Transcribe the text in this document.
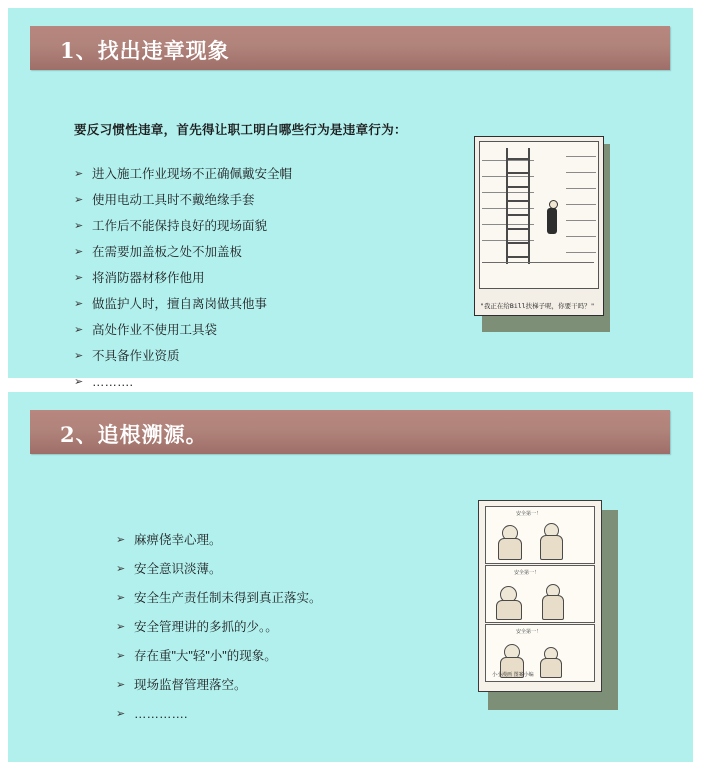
1、找出违章现象
要反习惯性违章，首先得让职工明白哪些行为是违章行为：
➢ 进入施工作业现场不正确佩戴安全帽
➢ 使用电动工具时不戴绝缘手套
➢ 工作后不能保持良好的现场面貌
➢ 在需要加盖板之处不加盖板
➢ 将消防器材移作他用
➢ 做监护人时，擅自离岗做其他事
➢ 高处作业不使用工具袋
➢ 不具备作业资质
➢ ……….
"我正在给Bill扶梯子呢，你要干吗？"
2、追根溯源。
➢ 麻痹侥幸心理。
➢ 安全意识淡薄。
➢ 安全生产责任制未得到真正落实。
➢ 安全管理讲的多抓的少。。
➢ 存在重"大"轻"小"的现象。
➢ 现场监督管理落空。
➢ ………….
安全第一！
安全第一！
安全第一！
小小漫画 图案小编
